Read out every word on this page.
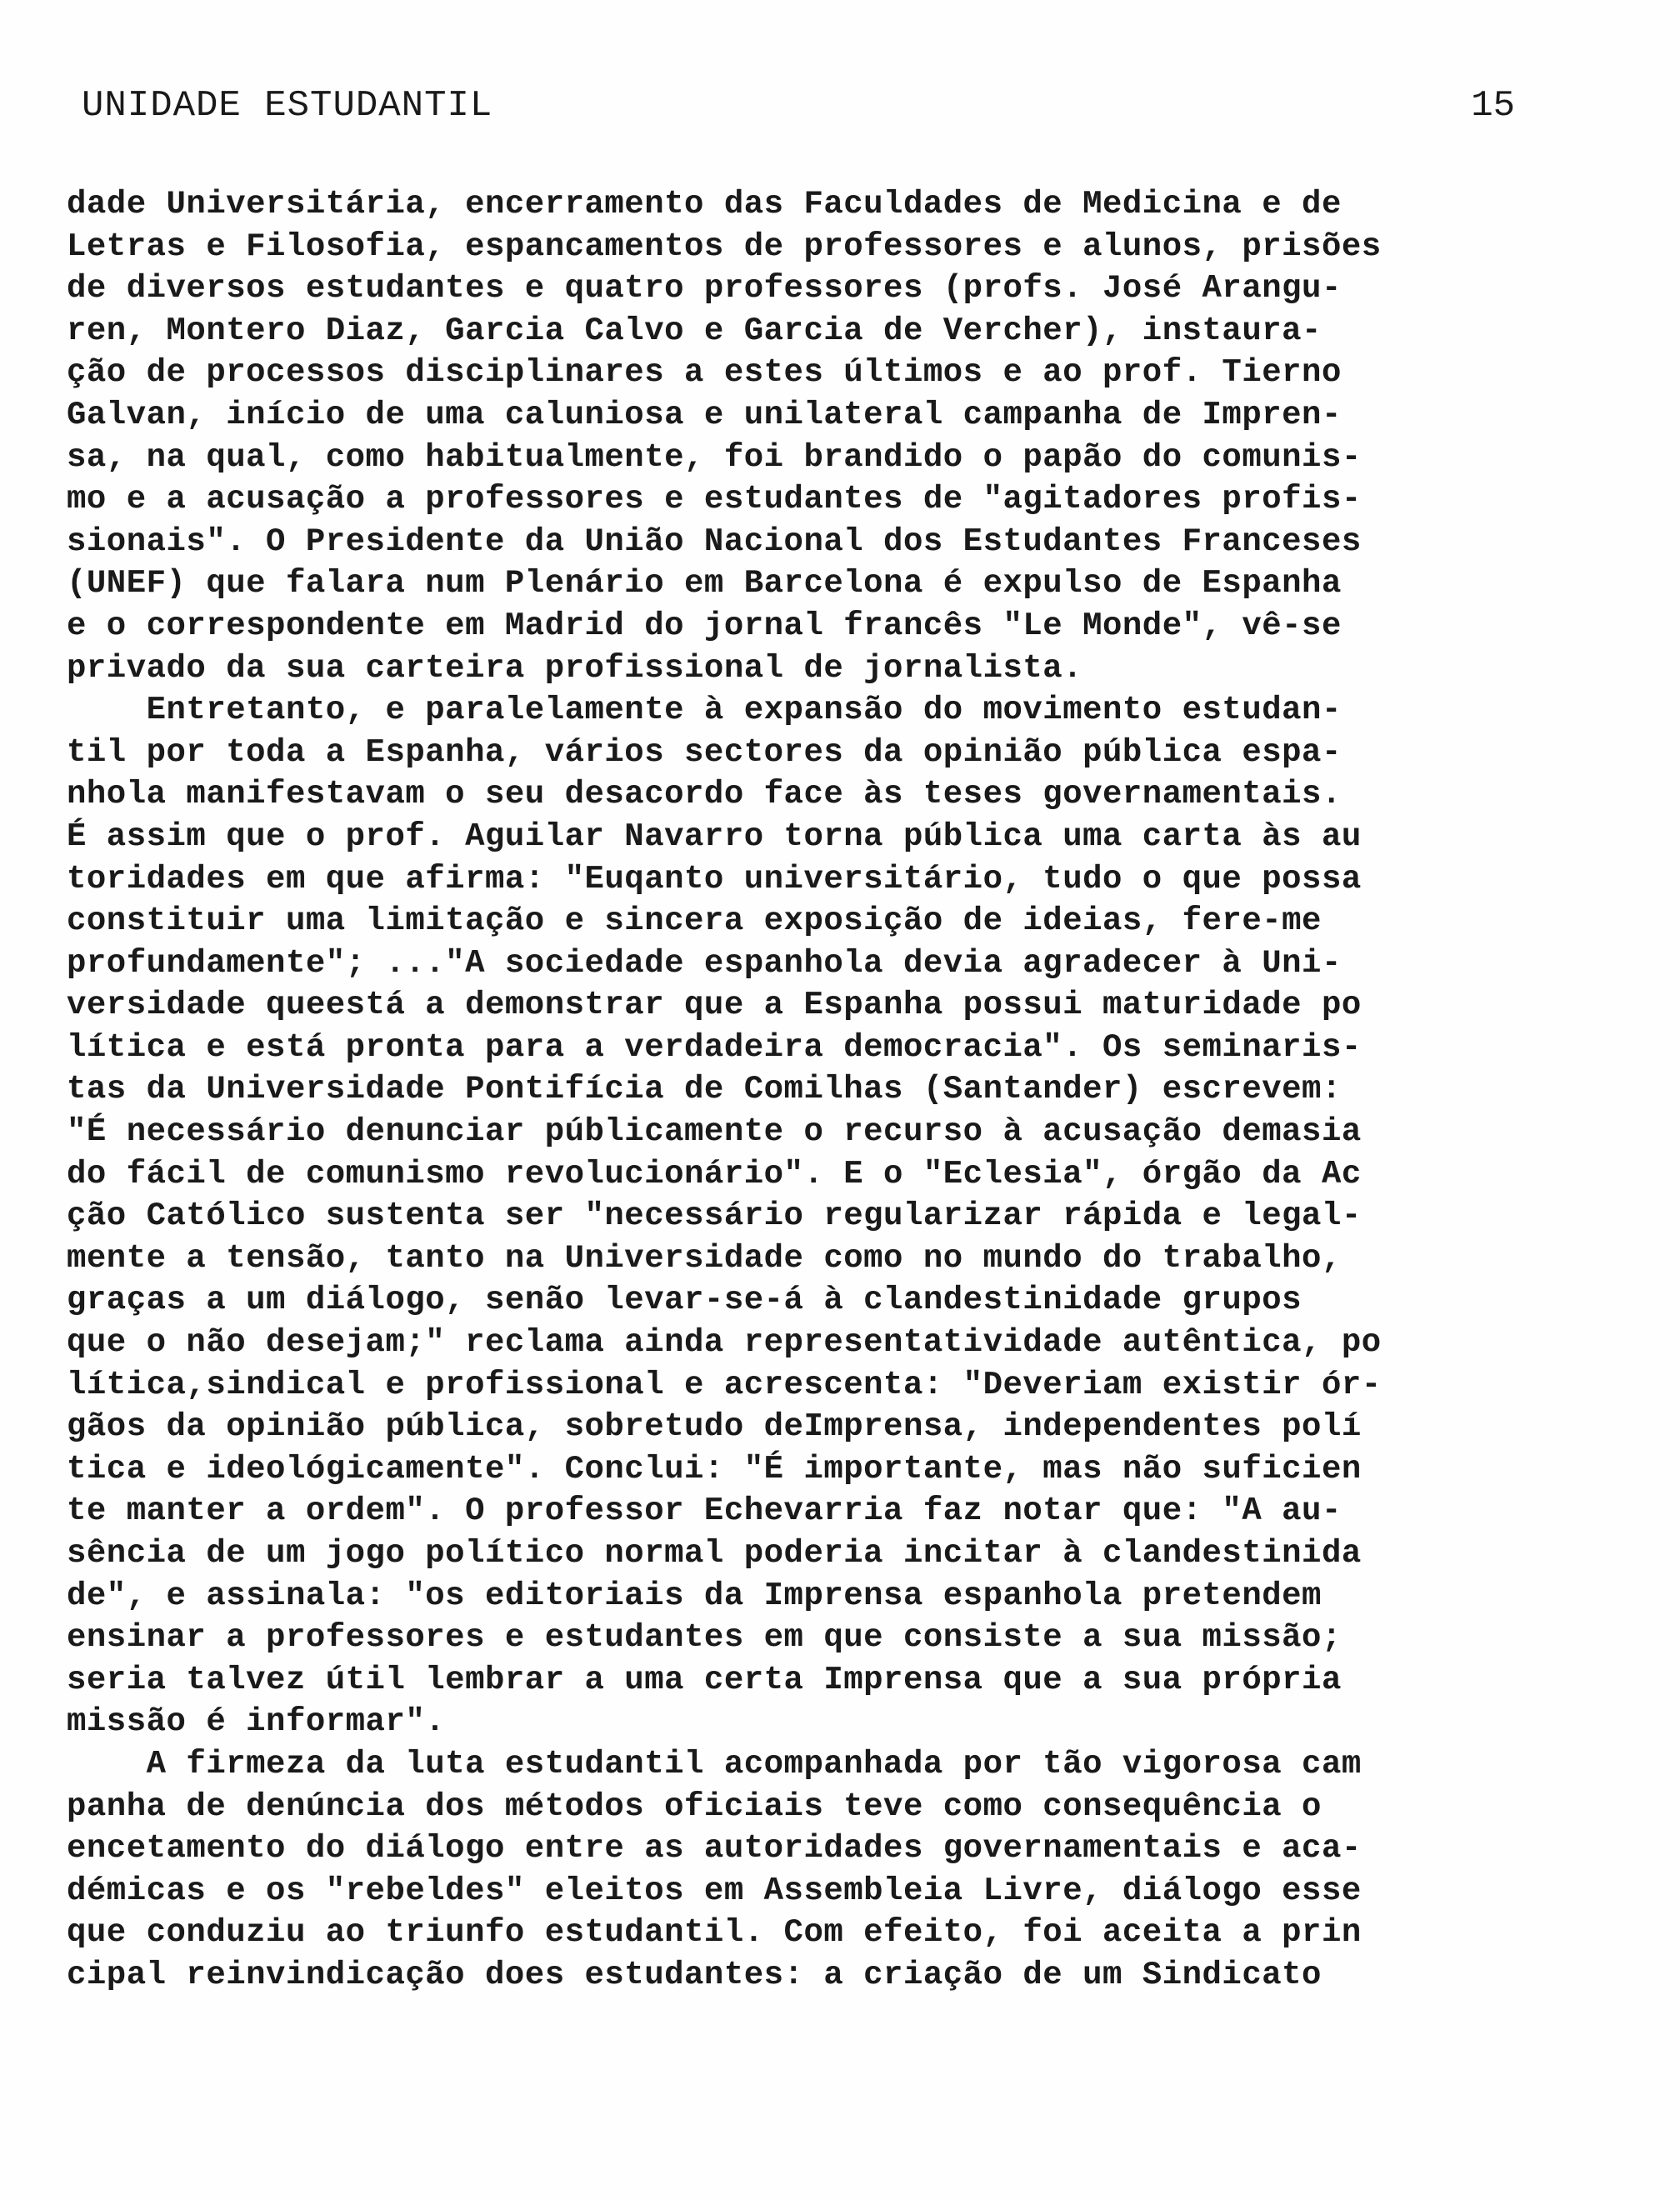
UNIDADE ESTUDANTIL	15
dade Universitária, encerramento das Faculdades de Medicina e de
Letras e Filosofia, espancamentos de professores e alunos, prisões
de diversos estudantes e quatro professores (profs. José Arangu-
ren, Montero Diaz, Garcia Calvo e Garcia de Vercher), instaura-
ção de processos disciplinares a estes últimos e ao prof. Tierno
Galvan, início de uma caluniosa e unilateral campanha de Impren-
sa, na qual, como habitualmente, foi brandido o papão do comunis-
mo e a acusação a professores e estudantes de "agitadores profis-
sionais". O Presidente da União Nacional dos Estudantes Franceses
(UNEF) que falara num Plenário em Barcelona é expulso de Espanha
e o correspondente em Madrid do jornal francês "Le Monde", vê-se
privado da sua carteira profissional de jornalista.
Entretanto, e paralelamente à expansão do movimento estudan-
til por toda a Espanha, vários sectores da opinião pública espa-
nhola manifestavam o seu desacordo face às teses governamentais.
É assim que o prof. Aguilar Navarro torna pública uma carta às au
toridades em que afirma: "Euqanto universitário, tudo o que possa
constituir uma limitação e sincera exposição de ideias, fere-me
profundamente"; ..."A sociedade espanhola devia agradecer à Uni-
versidade queestá a demonstrar que a Espanha possui maturidade po
lítica e está pronta para a verdadeira democracia". Os seminaris-
tas da Universidade Pontifícia de Comilhas (Santander) escrevem:
"É necessário denunciar públicamente o recurso à acusação demasia
do fácil de comunismo revolucionário". E o "Eclesia", órgão da Ac
ção Católico sustenta ser "necessário regularizar rápida e legal-
mente a tensão, tanto na Universidade como no mundo do trabalho,
graças a um diálogo, senão levar-se-á à clandestinidade grupos
que o não desejam;" reclama ainda representatividade autêntica, po
lítica,sindical e profissional e acrescenta: "Deveriam existir ór-
gãos da opinião pública, sobretudo deImprensa, independentes polí
tica e ideológicamente". Conclui: "É importante, mas não suficien
te manter a ordem". O professor Echevarria faz notar que: "A au-
sência de um jogo político normal poderia incitar à clandestinida
de", e assinala: "os editoriais da Imprensa espanhola pretendem
ensinar a professores e estudantes em que consiste a sua missão;
seria talvez útil lembrar a uma certa Imprensa que a sua própria
missão é informar".
A firmeza da luta estudantil acompanhada por tão vigorosa cam
panha de denúncia dos métodos oficiais teve como consequência o
encetamento do diálogo entre as autoridades governamentais e aca-
démicas e os "rebeldes" eleitos em Assembleia Livre, diálogo esse
que conduziu ao triunfo estudantil. Com efeito, foi aceita a prin
cipal reinvindicação does estudantes: a criação de um Sindicato
